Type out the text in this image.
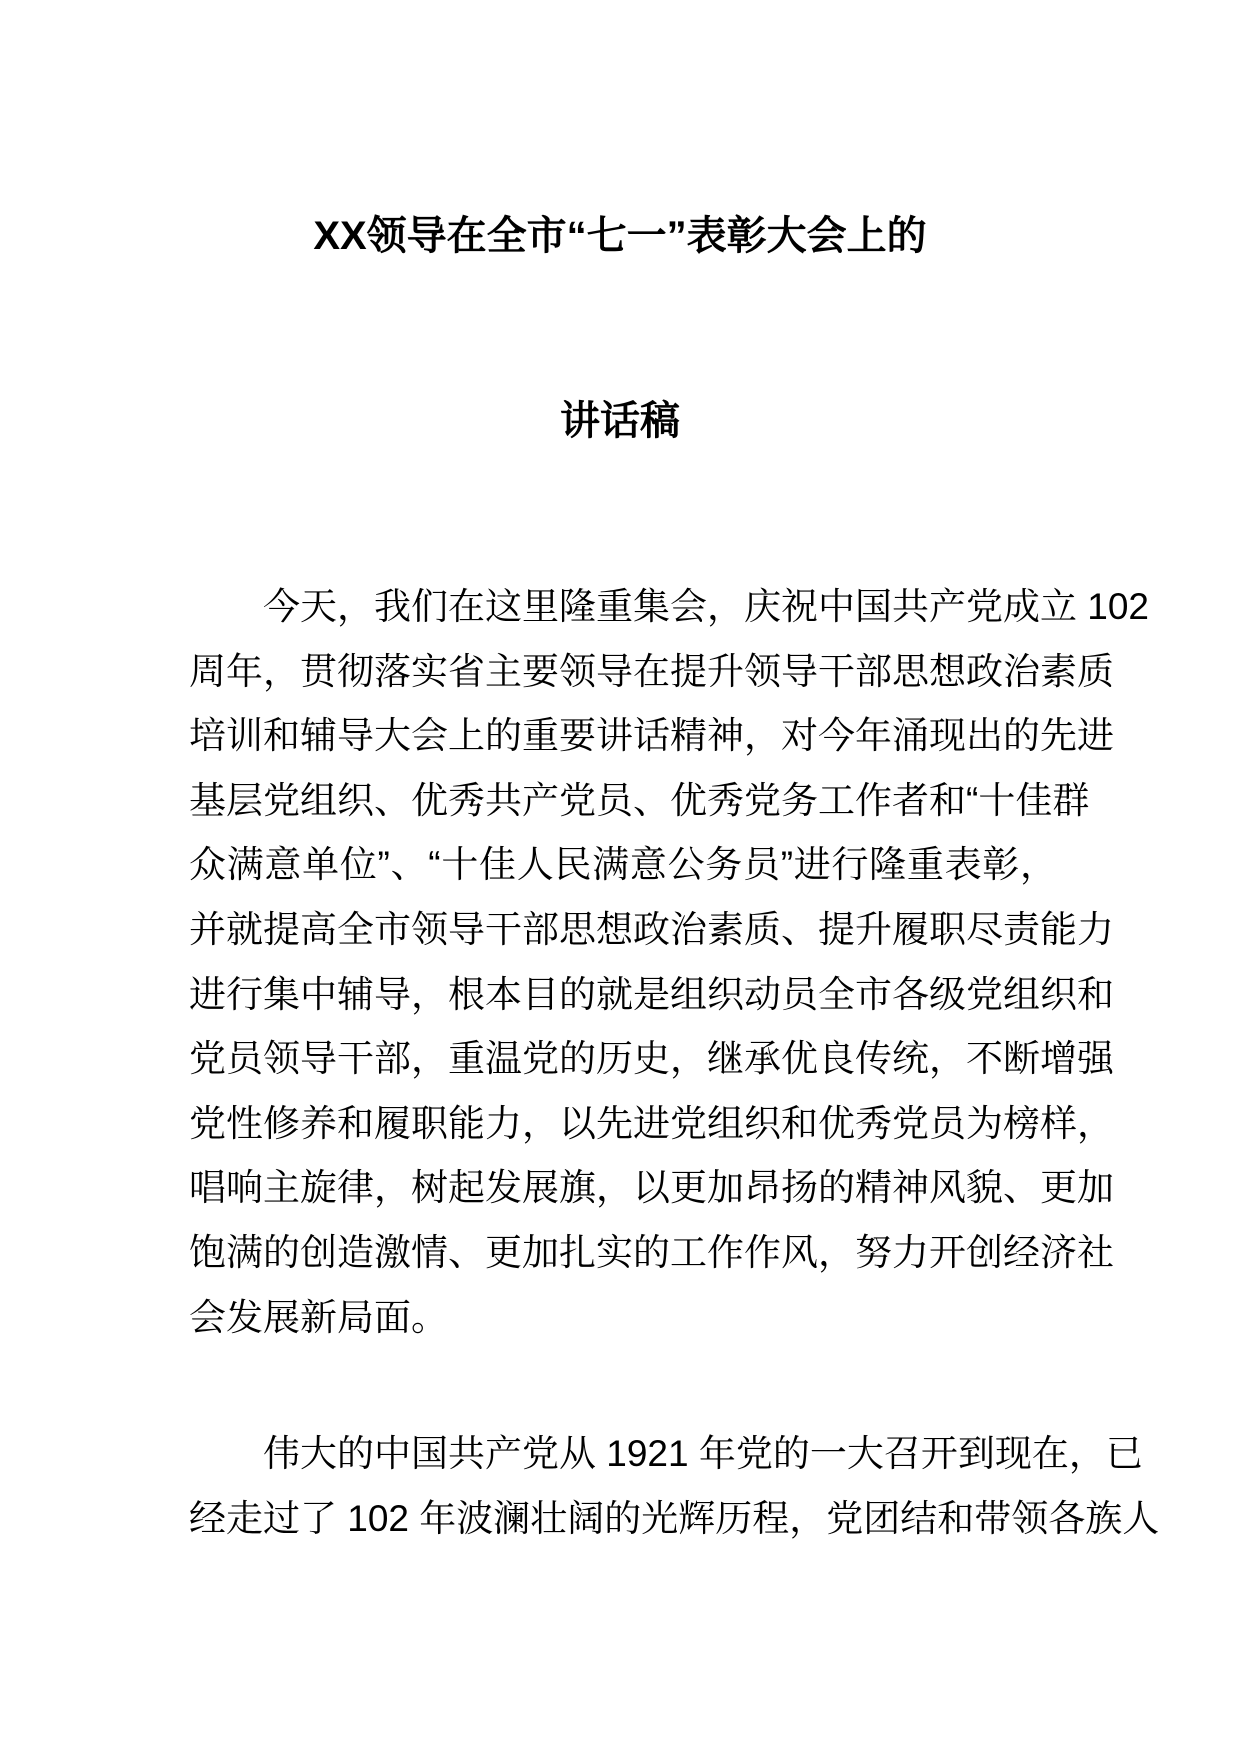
XX领导在全市“七一”表彰大会上的
讲话稿
今天，我们在这里隆重集会，庆祝中国共产党成立 102
周年，贯彻落实省主要领导在提升领导干部思想政治素质
培训和辅导大会上的重要讲话精神，对今年涌现出的先进
基层党组织、优秀共产党员、优秀党务工作者和“十佳群
众满意单位”、“十佳人民满意公务员”进行隆重表彰，
并就提高全市领导干部思想政治素质、提升履职尽责能力
进行集中辅导，根本目的就是组织动员全市各级党组织和
党员领导干部，重温党的历史，继承优良传统，不断增强
党性修养和履职能力，以先进党组织和优秀党员为榜样，
唱响主旋律，树起发展旗，以更加昂扬的精神风貌、更加
饱满的创造激情、更加扎实的工作作风，努力开创经济社
会发展新局面。
伟大的中国共产党从 1921 年党的一大召开到现在，已
经走过了 102 年波澜壮阔的光辉历程，党团结和带领各族人
